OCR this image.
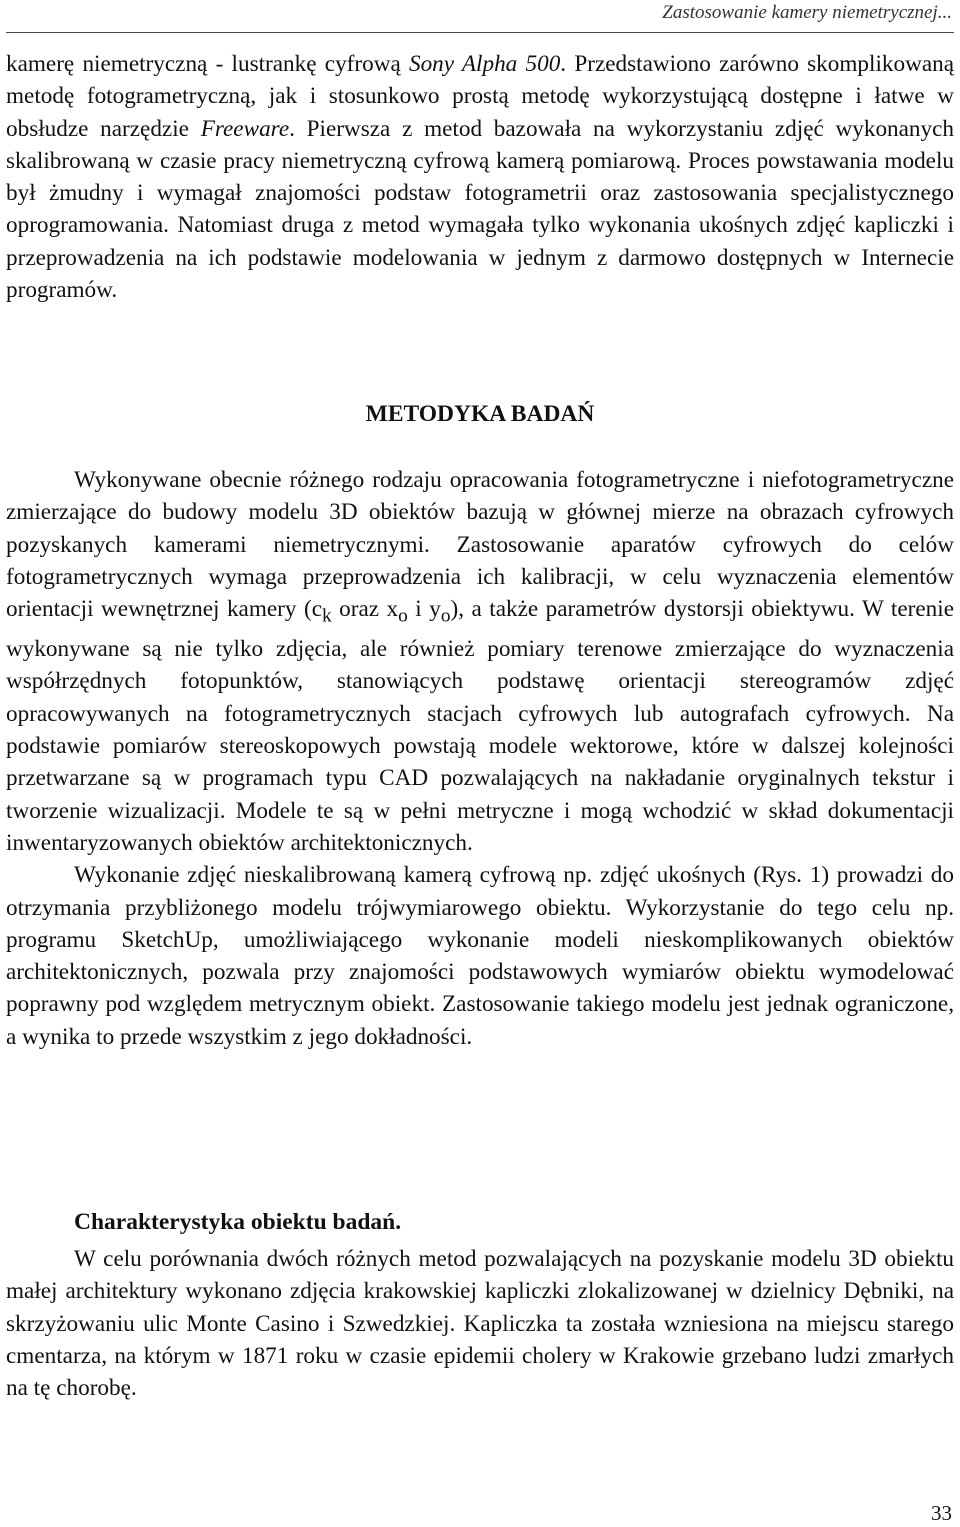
Zastosowanie kamery niemetrycznej...

kamerę niemetryczną - lustrankę cyfrową Sony Alpha 500. Przedstawiono zarówno skomplikowaną metodę fotogrametryczną, jak i stosunkowo prostą metodę wykorzystującą dostępne i łatwe w obsłudze narzędzie Freeware. Pierwsza z metod bazowała na wykorzystaniu zdjęć wykonanych skalibrowaną w czasie pracy niemetryczną cyfrową kamerą pomiarową. Proces powstawania modelu był żmudny i wymagał znajomości podstaw fotogrametrii oraz zastosowania specjalistycznego oprogramowania. Natomiast druga z metod wymagała tylko wykonania ukośnych zdjęć kapliczki i przeprowadzenia na ich podstawie modelowania w jednym z darmowo dostępnych w Internecie programów.

METODYKA BADAŃ

Wykonywane obecnie różnego rodzaju opracowania fotogrametryczne i niefotogrametryczne zmierzające do budowy modelu 3D obiektów bazują w głównej mierze na obrazach cyfrowych pozyskanych kamerami niemetrycznymi. Zastosowanie aparatów cyfrowych do celów fotogrametrycznych wymaga przeprowadzenia ich kalibracji, w celu wyznaczenia elementów orientacji wewnętrznej kamery ($c_k$ oraz $x_o$ i $y_o$), a także parametrów dystorsji obiektywu. W terenie wykonywane są nie tylko zdjęcia, ale również pomiary terenowe zmierzające do wyznaczenia współrzędnych fotopunktów, stanowiących podstawę orientacji stereogramów zdjęć opracowywanych na fotogrametrycznych stacjach cyfrowych lub autografach cyfrowych. Na podstawie pomiarów stereoskopowych powstają modele wektorowe, które w dalszej kolejności przetwarzane są w programach typu CAD pozwalających na nakładanie oryginalnych tekstur i tworzenie wizualizacji. Modele te są w pełni metryczne i mogą wchodzić w skład dokumentacji inwentaryzowanych obiektów architektonicznych.

Wykonanie zdjęć nieskalibrowaną kamerą cyfrową np. zdjęć ukośnych (Rys. 1) prowadzi do otrzymania przybliżonego modelu trójwymiarowego obiektu. Wykorzystanie do tego celu np. programu SketchUp, umożliwiającego wykonanie modeli nieskomplikowanych obiektów architektonicznych, pozwala przy znajomości podstawowych wymiarów obiektu wymodelować poprawny pod względem metrycznym obiekt. Zastosowanie takiego modelu jest jednak ograniczone, a wynika to przede wszystkim z jego dokładności.

Charakterystyka obiektu badań.

W celu porównania dwóch różnych metod pozwalających na pozyskanie modelu 3D obiektu małej architektury wykonano zdjęcia krakowskiej kapliczki zlokalizowanej w dzielnicy Dębniki, na skrzyżowaniu ulic Monte Casino i Szwedzkiej. Kapliczka ta została wzniesiona na miejscu starego cmentarza, na którym w 1871 roku w czasie epidemii cholery w Krakowie grzebano ludzi zmarłych na tę chorobę.

33
